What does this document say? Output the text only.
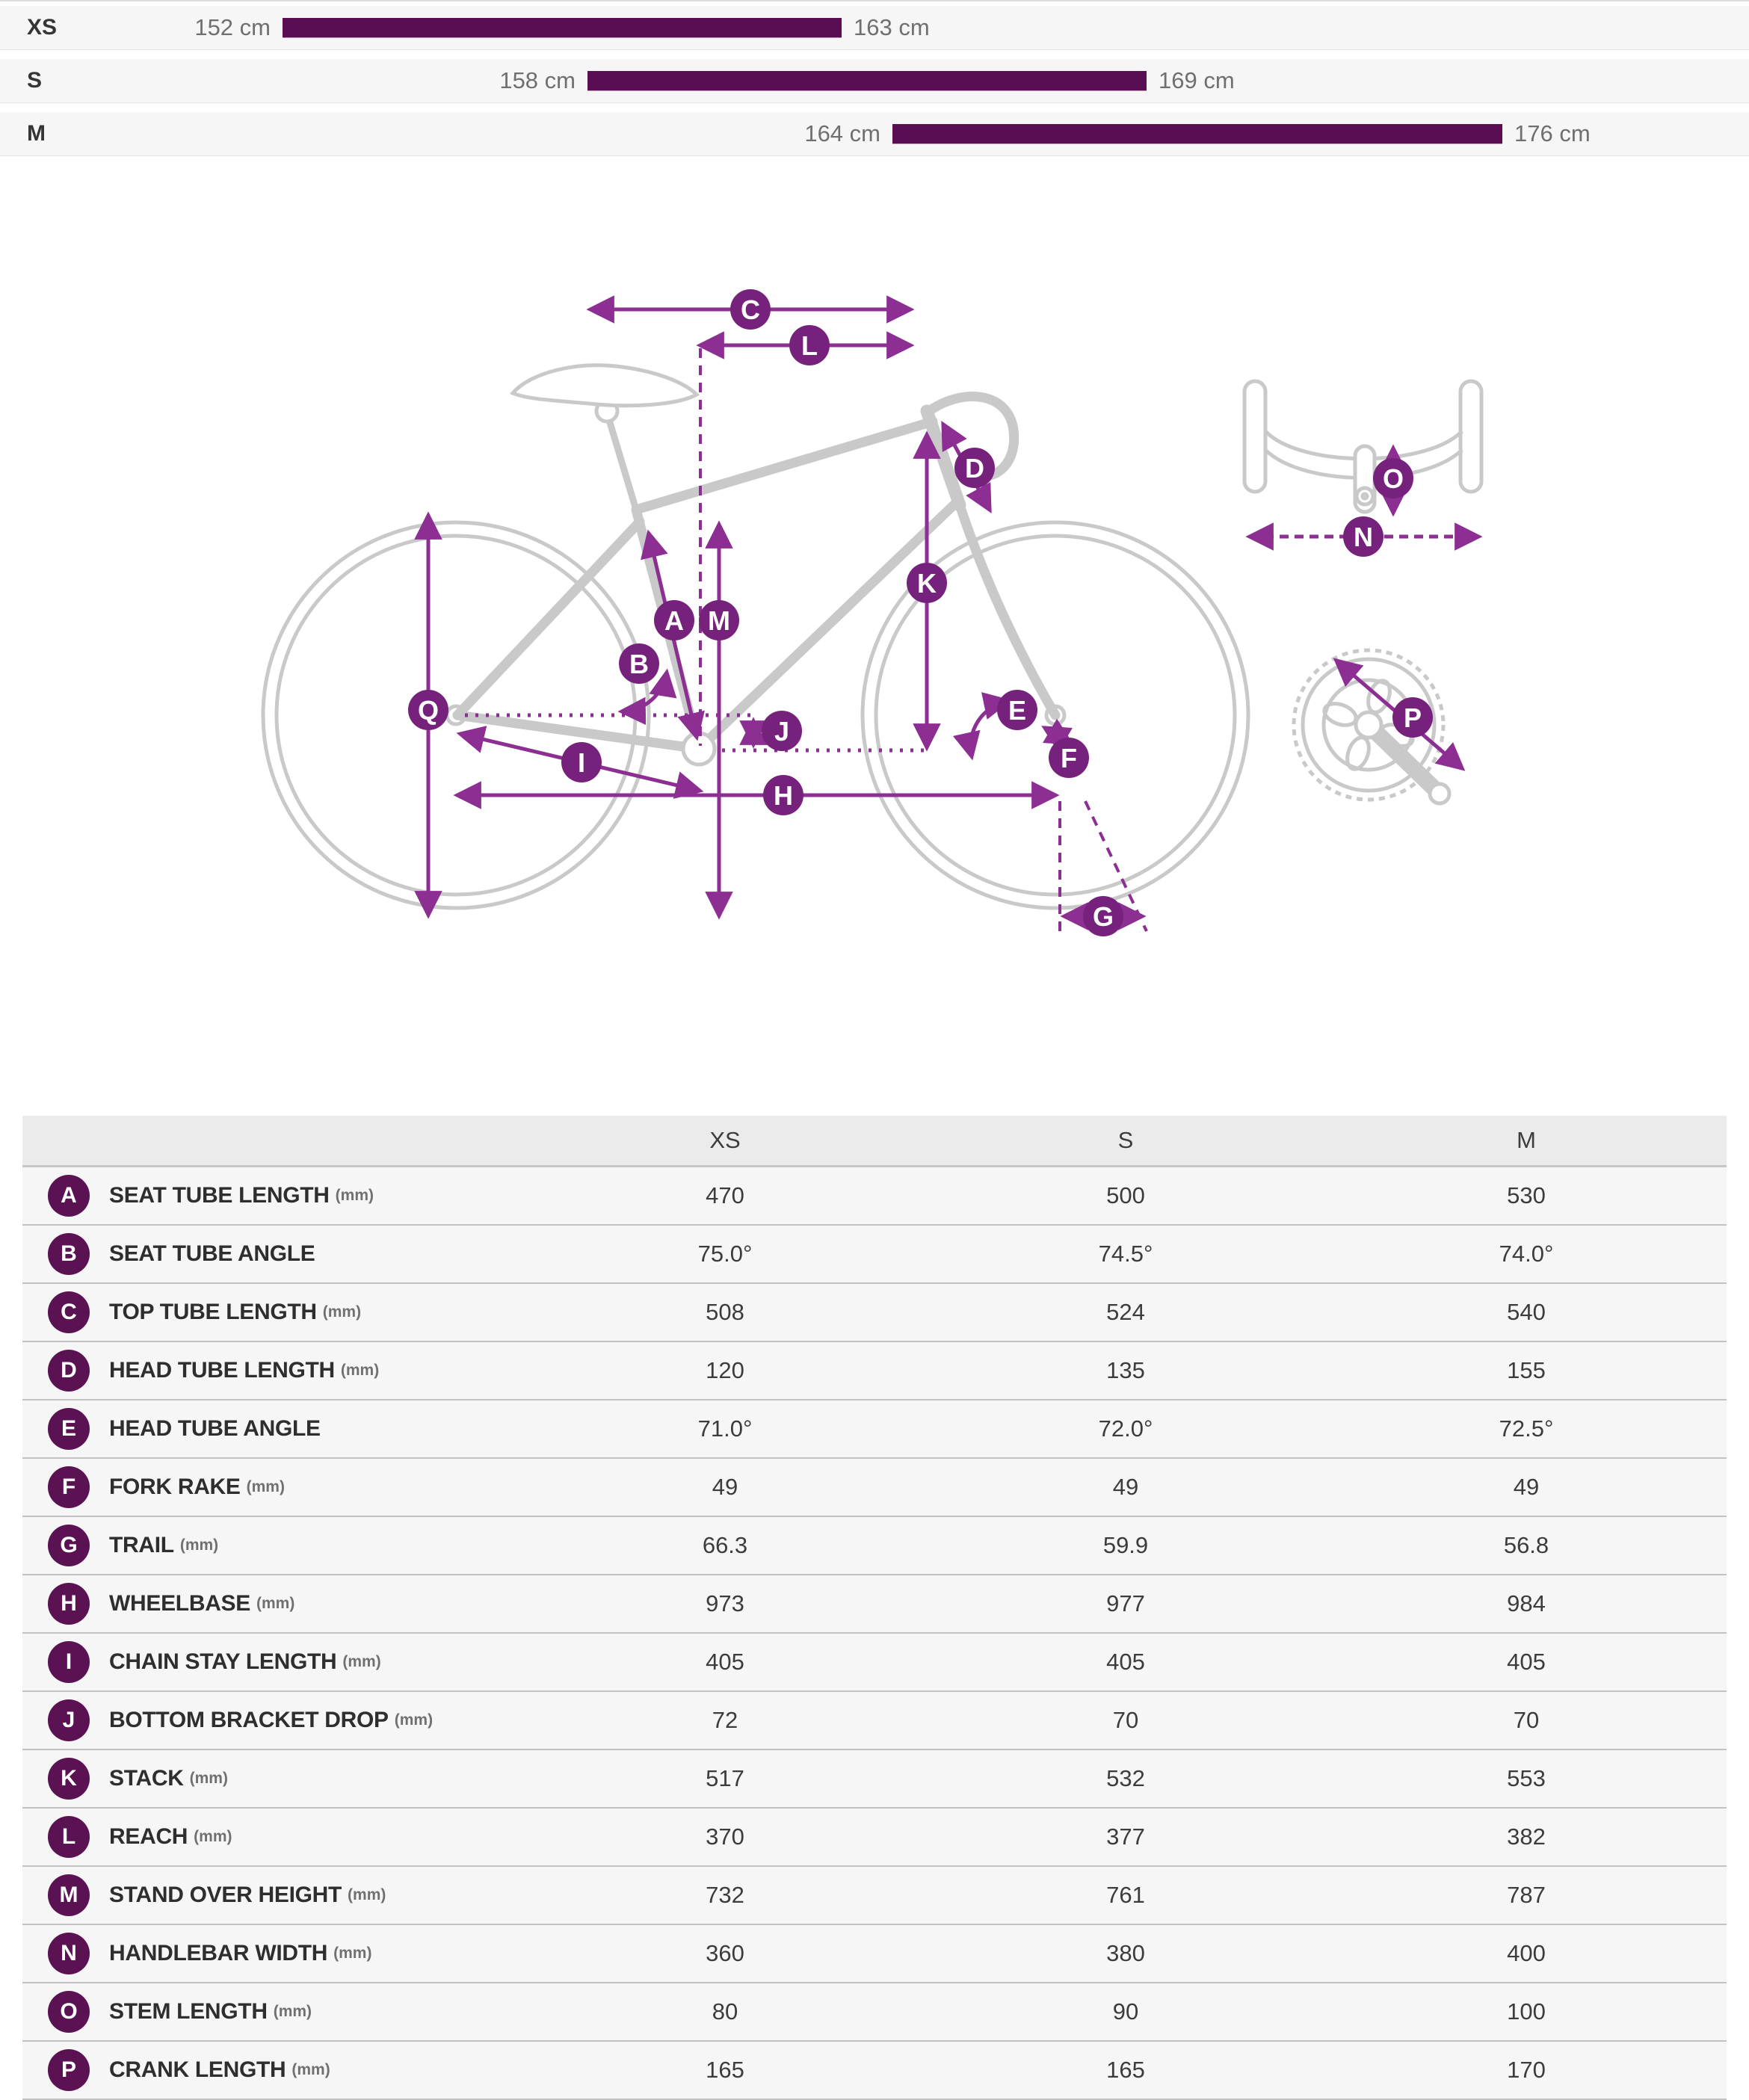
XS	152 cm	163 cm
S	158 cm	169 cm
M	164 cm	176 cm
C
L
D
K
A M
B
Q	E
J
F
I
H
G
O
N
P
	XS	S	M
A SEAT TUBE LENGTH (mm)	470	500	530
B SEAT TUBE ANGLE	75.0°	74.5°	74.0°
C TOP TUBE LENGTH (mm)	508	524	540
D HEAD TUBE LENGTH (mm)	120	135	155
E HEAD TUBE ANGLE	71.0°	72.0°	72.5°
F FORK RAKE (mm)	49	49	49
G TRAIL (mm)	66.3	59.9	56.8
H WHEELBASE (mm)	973	977	984
I CHAIN STAY LENGTH (mm)	405	405	405
J BOTTOM BRACKET DROP (mm)	72	70	70
K STACK (mm)	517	532	553
L REACH (mm)	370	377	382
M STAND OVER HEIGHT (mm)	732	761	787
N HANDLEBAR WIDTH (mm)	360	380	400
O STEM LENGTH (mm)	80	90	100
P CRANK LENGTH (mm)	165	165	170
